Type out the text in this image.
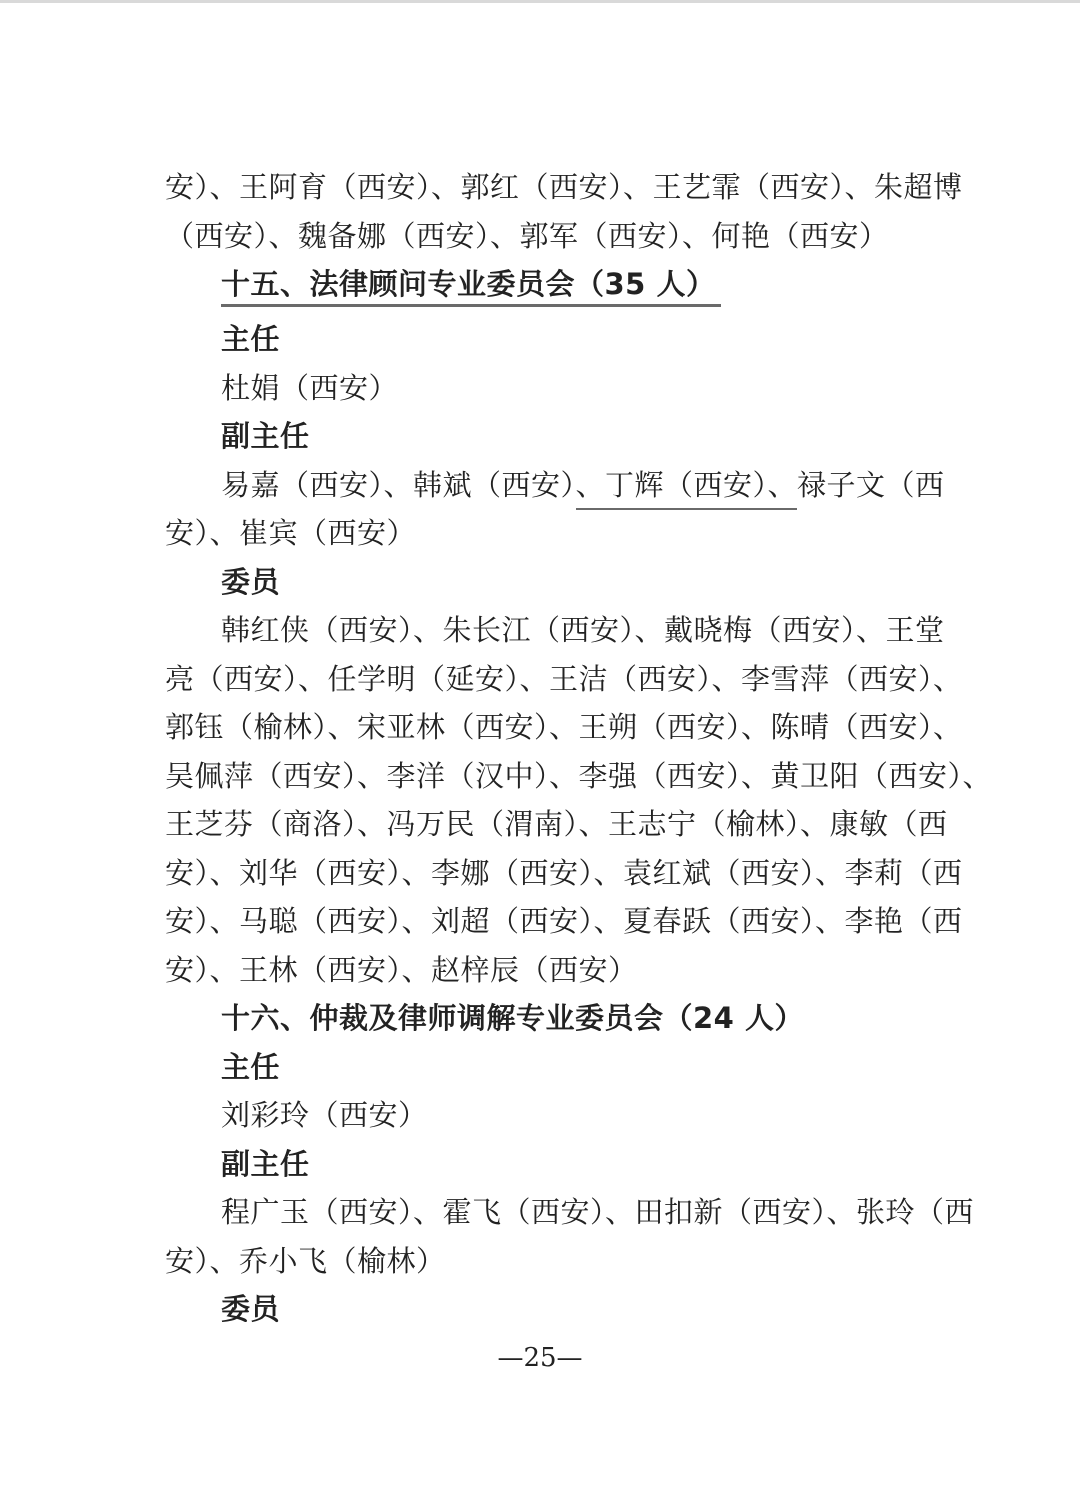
安）、王阿育（西安）、郭红（西安）、王艺霏（西安）、朱超博
（西安）、魏备娜（西安）、郭军（西安）、何艳（西安）
十五、法律顾问专业委员会（35 人）
主任
杜娟（西安）
副主任
易嘉（西安）、韩斌（西安）、丁辉（西安）、禄子文（西
安）、崔宾（西安）
委员
韩红侠（西安）、朱长江（西安）、戴晓梅（西安）、王堂
亮（西安）、任学明（延安）、王洁（西安）、李雪萍（西安）、
郭钰（榆林）、宋亚林（西安）、王朔（西安）、陈晴（西安）、
吴佩萍（西安）、李洋（汉中）、李强（西安）、黄卫阳（西安）、
王芝芬（商洛）、冯万民（渭南）、王志宁（榆林）、康敏（西
安）、刘华（西安）、李娜（西安）、袁红斌（西安）、李莉（西
安）、马聪（西安）、刘超（西安）、夏春跃（西安）、李艳（西
安）、王林（西安）、赵梓辰（西安）
十六、仲裁及律师调解专业委员会（24 人）
主任
刘彩玲（西安）
副主任
程广玉（西安）、霍飞（西安）、田扣新（西安）、张玲（西
安）、乔小飞（榆林）
委员
—25—
